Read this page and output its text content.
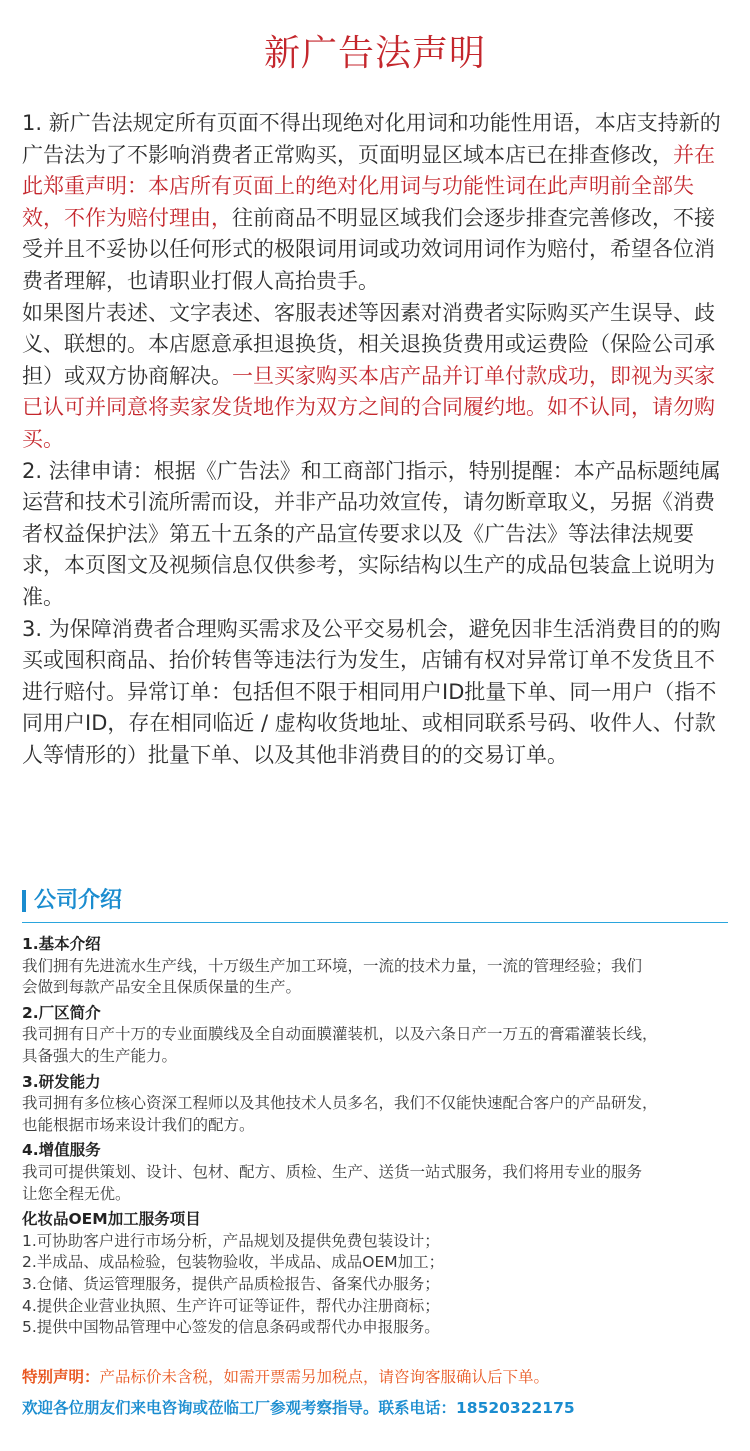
新广告法声明

1. 新广告法规定所有页面不得出现绝对化用词和功能性用语，本店支持新的广告法为了不影响消费者正常购买，页面明显区域本店已在排查修改，并在此郑重声明：本店所有页面上的绝对化用词与功能性词在此声明前全部失效，不作为赔付理由，往前商品不明显区域我们会逐步排查完善修改，不接受并且不妥协以任何形式的极限词用词或功效词用词作为赔付，希望各位消费者理解，也请职业打假人高抬贵手。

如果图片表述、文字表述、客服表述等因素对消费者实际购买产生误导、歧义、联想的。本店愿意承担退换货，相关退换货费用或运费险（保险公司承担）或双方协商解决。一旦买家购买本店产品并订单付款成功，即视为买家已认可并同意将卖家发货地作为双方之间的合同履约地。如不认同，请勿购买。

2. 法律申请：根据《广告法》和工商部门指示，特别提醒：本产品标题纯属运营和技术引流所需而设，并非产品功效宣传，请勿断章取义，另据《消费者权益保护法》第五十五条的产品宣传要求以及《广告法》等法律法规要求，本页图文及视频信息仅供参考，实际结构以生产的成品包装盒上说明为准。

3. 为保障消费者合理购买需求及公平交易机会，避免因非生活消费目的的购买或囤积商品、抬价转售等违法行为发生，店铺有权对异常订单不发货且不进行赔付。异常订单：包括但不限于相同用户ID批量下单、同一用户（指不同用户ID，存在相同临近 / 虚构收货地址、或相同联系号码、收件人、付款人等情形的）批量下单、以及其他非消费目的的交易订单。

公司介绍
1.基本介绍

我们拥有先进流水生产线，十万级生产加工环境，一流的技术力量，一流的管理经验；我们

会做到每款产品安全且保质保量的生产。

2.厂区简介

我司拥有日产十万的专业面膜线及全自动面膜灌装机，以及六条日产一万五的膏霜灌装长线，

具备强大的生产能力。

3.研发能力

我司拥有多位核心资深工程师以及其他技术人员多名，我们不仅能快速配合客户的产品研发，

也能根据市场来设计我们的配方。

4.增值服务

我司可提供策划、设计、包材、配方、质检、生产、送货一站式服务，我们将用专业的服务

让您全程无优。

化妆品OEM加工服务项目

1.可协助客户进行市场分析，产品规划及提供免费包装设计；

2.半成品、成品检验，包装物验收，半成品、成品OEM加工；

3.仓储、货运管理服务，提供产品质检报告、备案代办服务；

4.提供企业营业执照、生产许可证等证件，帮代办注册商标；

5.提供中国物品管理中心签发的信息条码或帮代办申报服务。

特别声明：产品标价未含税，如需开票需另加税点，请咨询客服确认后下单。
欢迎各位朋友们来电咨询或莅临工厂参观考察指导。联系电话：18520322175
